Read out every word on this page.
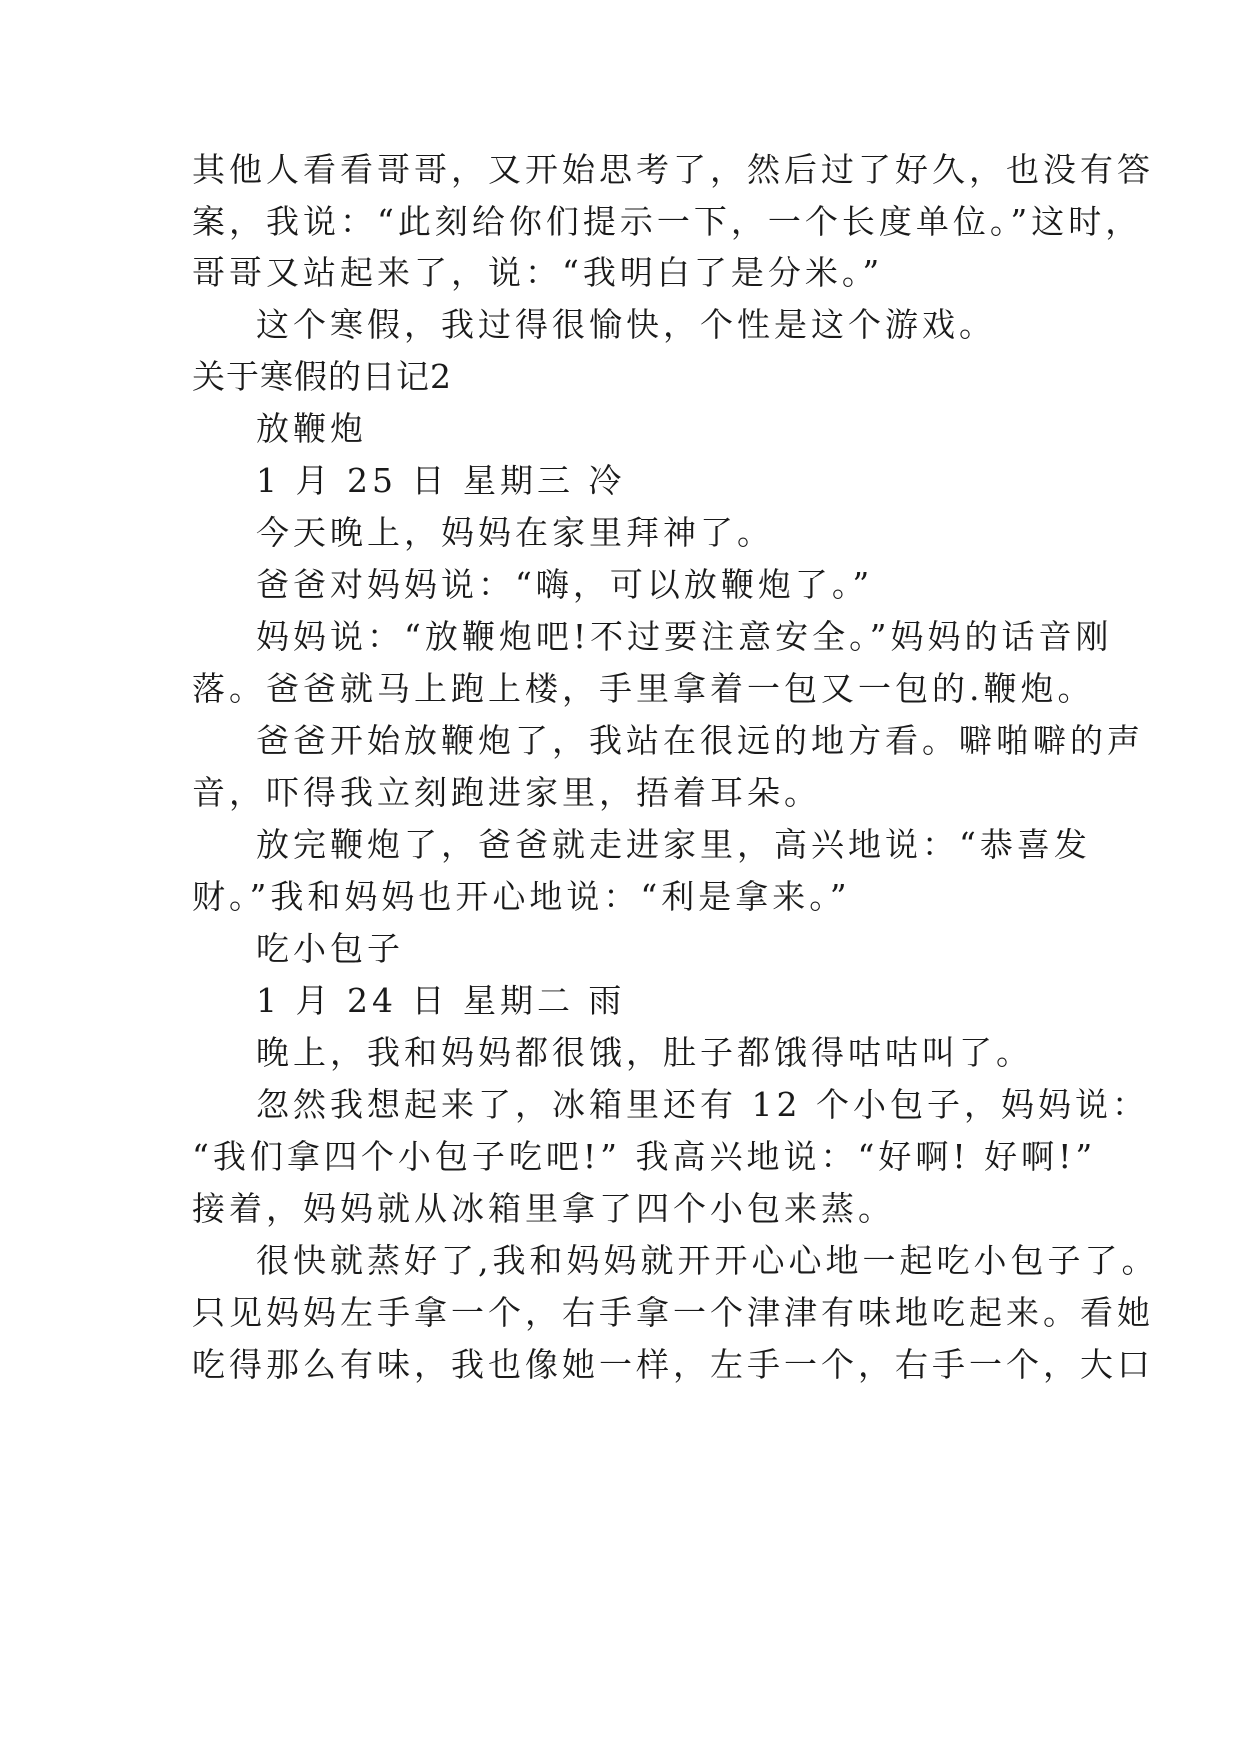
其他人看看哥哥，又开始思考了，然后过了好久，也没有答
案，我说：“此刻给你们提示一下，一个长度单位。”这时，
哥哥又站起来了，说：“我明白了是分米。”
这个寒假，我过得很愉快，个性是这个游戏。
关于寒假的日记2
放鞭炮
1 月 25 日 星期三 冷
今天晚上，妈妈在家里拜神了。
爸爸对妈妈说：“嗨，可以放鞭炮了。”
妈妈说：“放鞭炮吧!不过要注意安全。”妈妈的话音刚
落。爸爸就马上跑上楼，手里拿着一包又一包的.鞭炮。
爸爸开始放鞭炮了，我站在很远的地方看。噼啪噼的声
音，吓得我立刻跑进家里，捂着耳朵。
放完鞭炮了，爸爸就走进家里，高兴地说：“恭喜发
财。”我和妈妈也开心地说：“利是拿来。”
吃小包子
1 月 24 日 星期二 雨
晚上，我和妈妈都很饿，肚子都饿得咕咕叫了。
忽然我想起来了，冰箱里还有 12 个小包子，妈妈说：
“我们拿四个小包子吃吧!” 我高兴地说：“好啊! 好啊!”
接着，妈妈就从冰箱里拿了四个小包来蒸。
很快就蒸好了,我和妈妈就开开心心地一起吃小包子了。
只见妈妈左手拿一个，右手拿一个津津有味地吃起来。看她
吃得那么有味，我也像她一样，左手一个，右手一个，大口
